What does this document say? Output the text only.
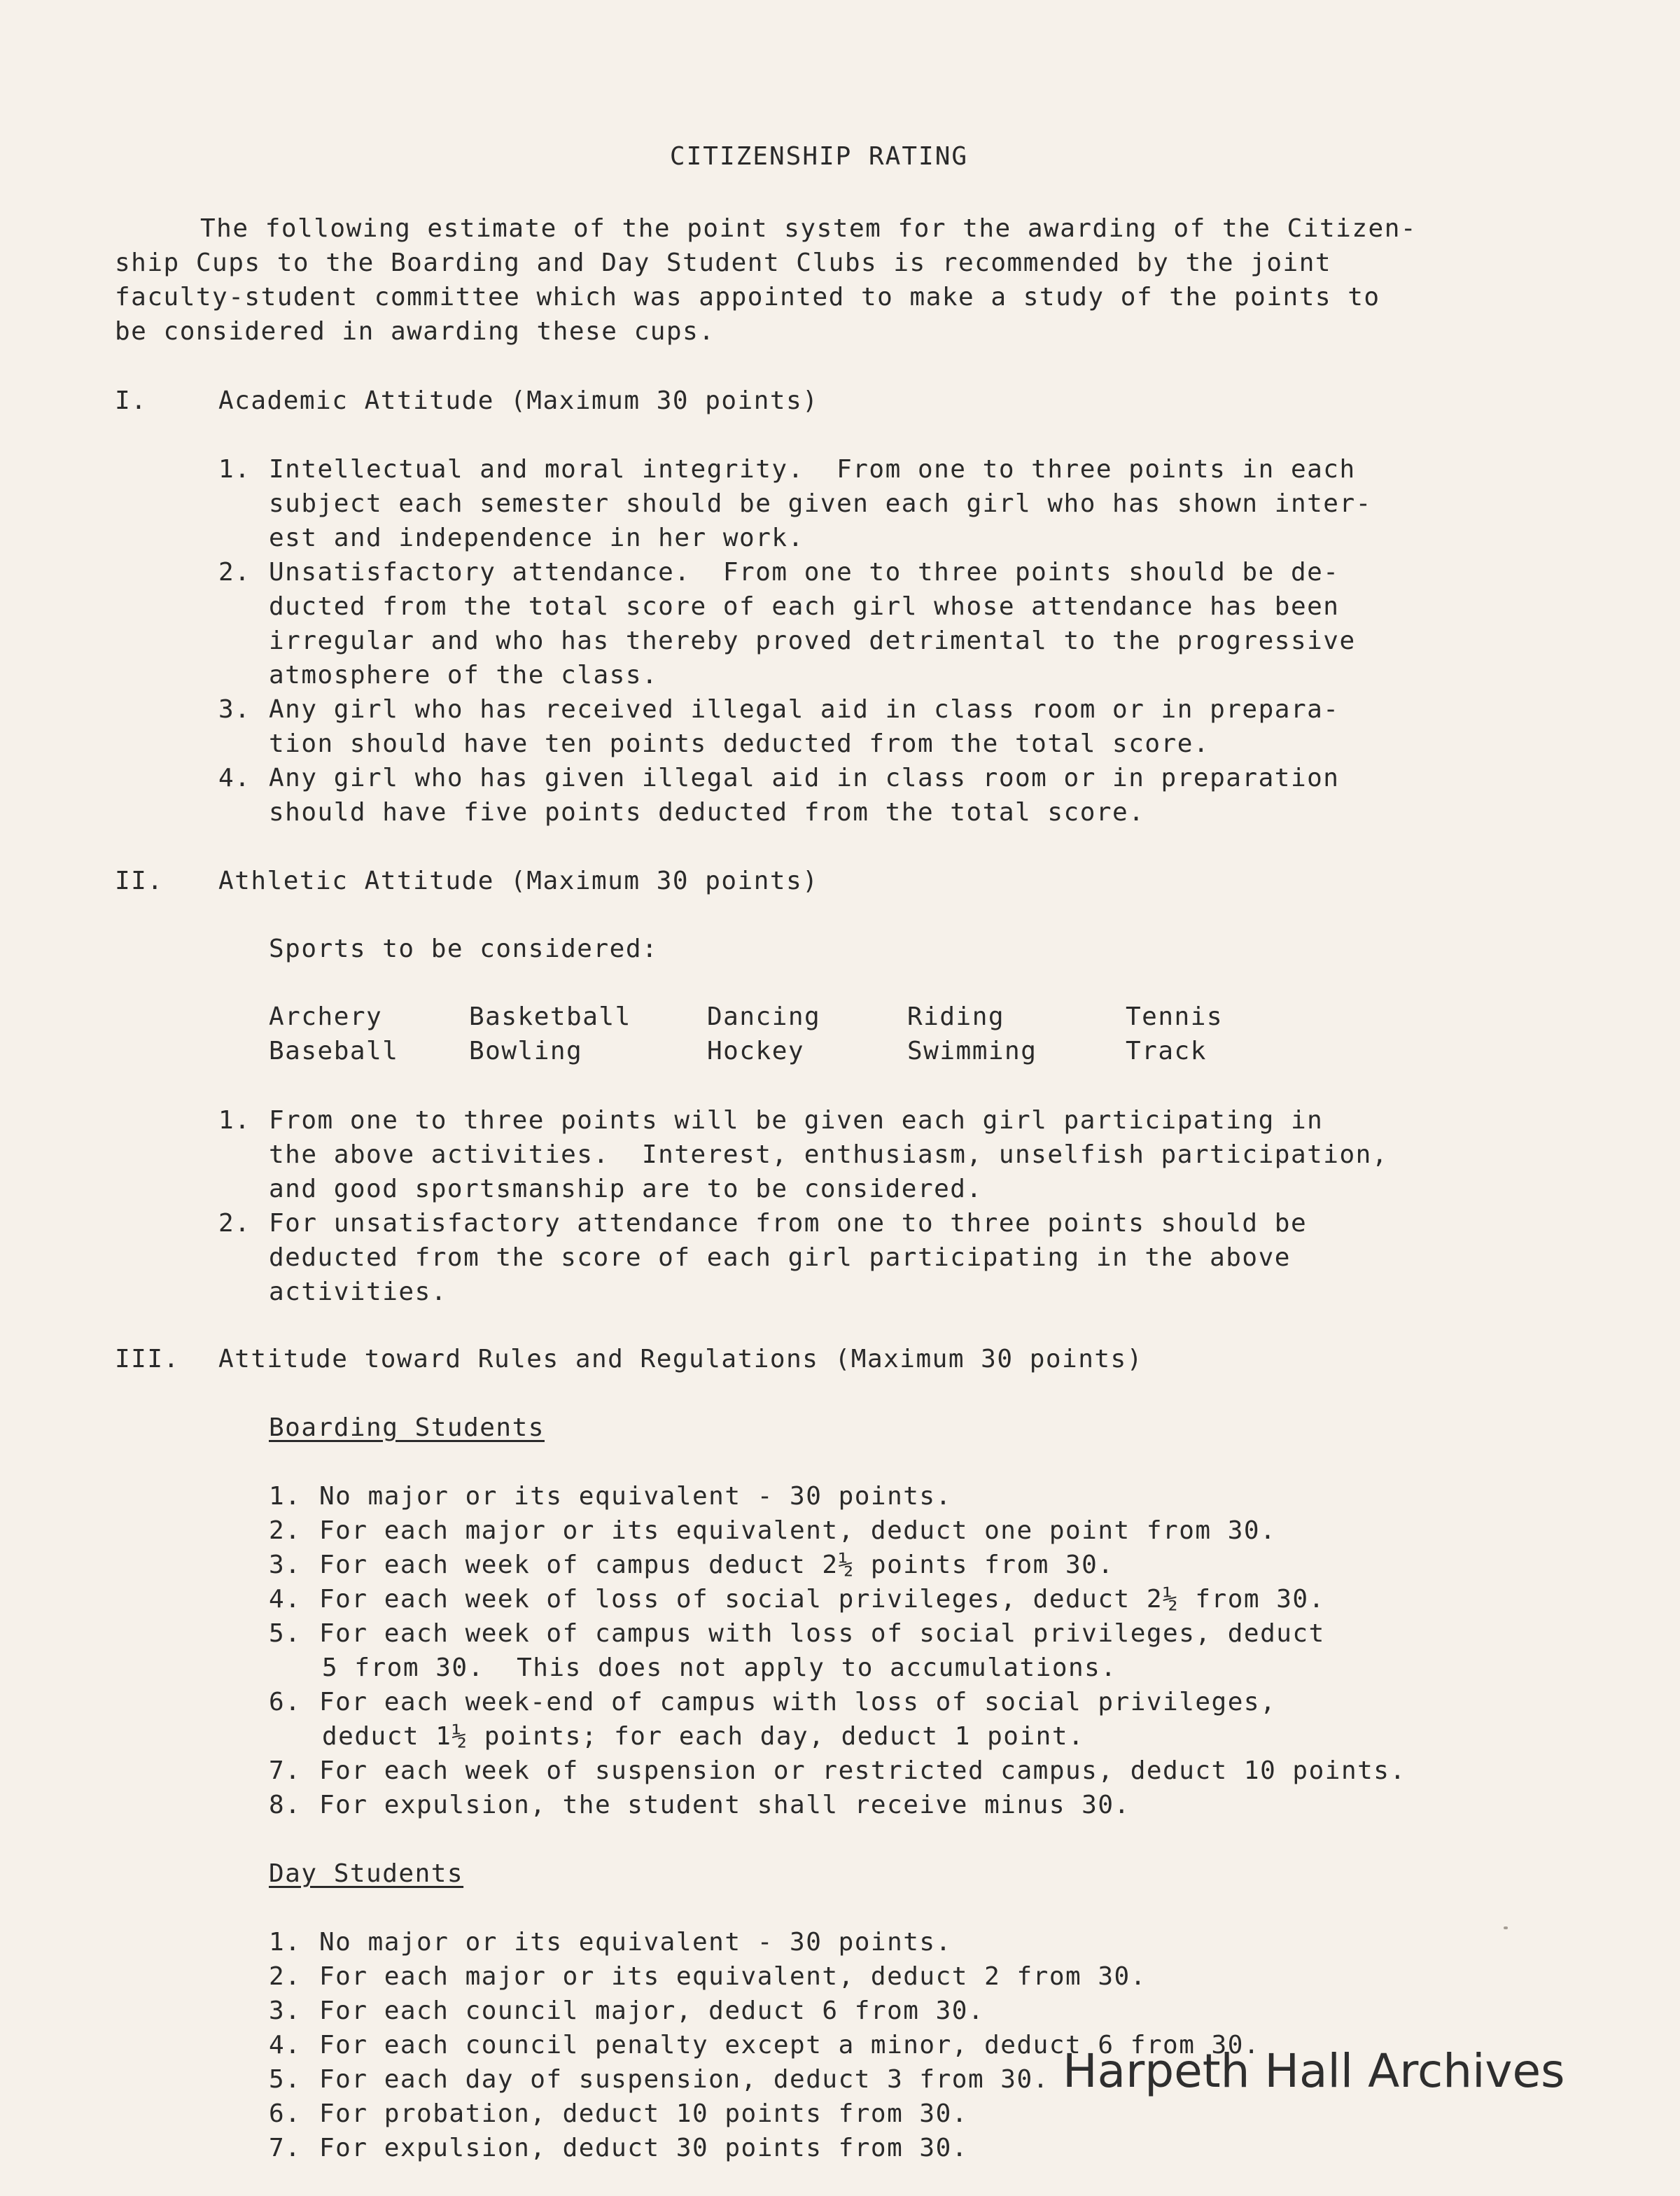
CITIZENSHIP RATING
The following estimate of the point system for the awarding of the Citizen-
ship Cups to the Boarding and Day Student Clubs is recommended by the joint
faculty-student committee which was appointed to make a study of the points to
be considered in awarding these cups.
I.	Academic Attitude (Maximum 30 points)
1. Intellectual and moral integrity.  From one to three points in each
subject each semester should be given each girl who has shown inter-
est and independence in her work.
2. Unsatisfactory attendance.  From one to three points should be de-
ducted from the total score of each girl whose attendance has been
irregular and who has thereby proved detrimental to the progressive
atmosphere of the class.
3. Any girl who has received illegal aid in class room or in prepara-
tion should have ten points deducted from the total score.
4. Any girl who has given illegal aid in class room or in preparation
should have five points deducted from the total score.
II. Athletic Attitude (Maximum 30 points)
Sports to be considered:
Archery	Basketball	Dancing	Riding	Tennis
Baseball	Bowling	Hockey	Swimming	Track
1. From one to three points will be given each girl participating in
the above activities.  Interest, enthusiasm, unselfish participation,
and good sportsmanship are to be considered.
2. For unsatisfactory attendance from one to three points should be
deducted from the score of each girl participating in the above
activities.
III. Attitude toward Rules and Regulations (Maximum 30 points)
Boarding Students
1. No major or its equivalent - 30 points.
2. For each major or its equivalent, deduct one point from 30.
3. For each week of campus deduct 2½ points from 30.
4. For each week of loss of social privileges, deduct 2½ from 30.
5. For each week of campus with loss of social privileges, deduct
5 from 30.  This does not apply to accumulations.
6. For each week-end of campus with loss of social privileges,
deduct 1½ points; for each day, deduct 1 point.
7. For each week of suspension or restricted campus, deduct 10 points.
8. For expulsion, the student shall receive minus 30.
Day Students
1. No major or its equivalent - 30 points.
2. For each major or its equivalent, deduct 2 from 30.
3. For each council major, deduct 6 from 30.
4. For each council penalty except a minor, deduct 6 from 30.
5. For each day of suspension, deduct 3 from 30.
6. For probation, deduct 10 points from 30.
7. For expulsion, deduct 30 points from 30.
Harpeth Hall Archives
